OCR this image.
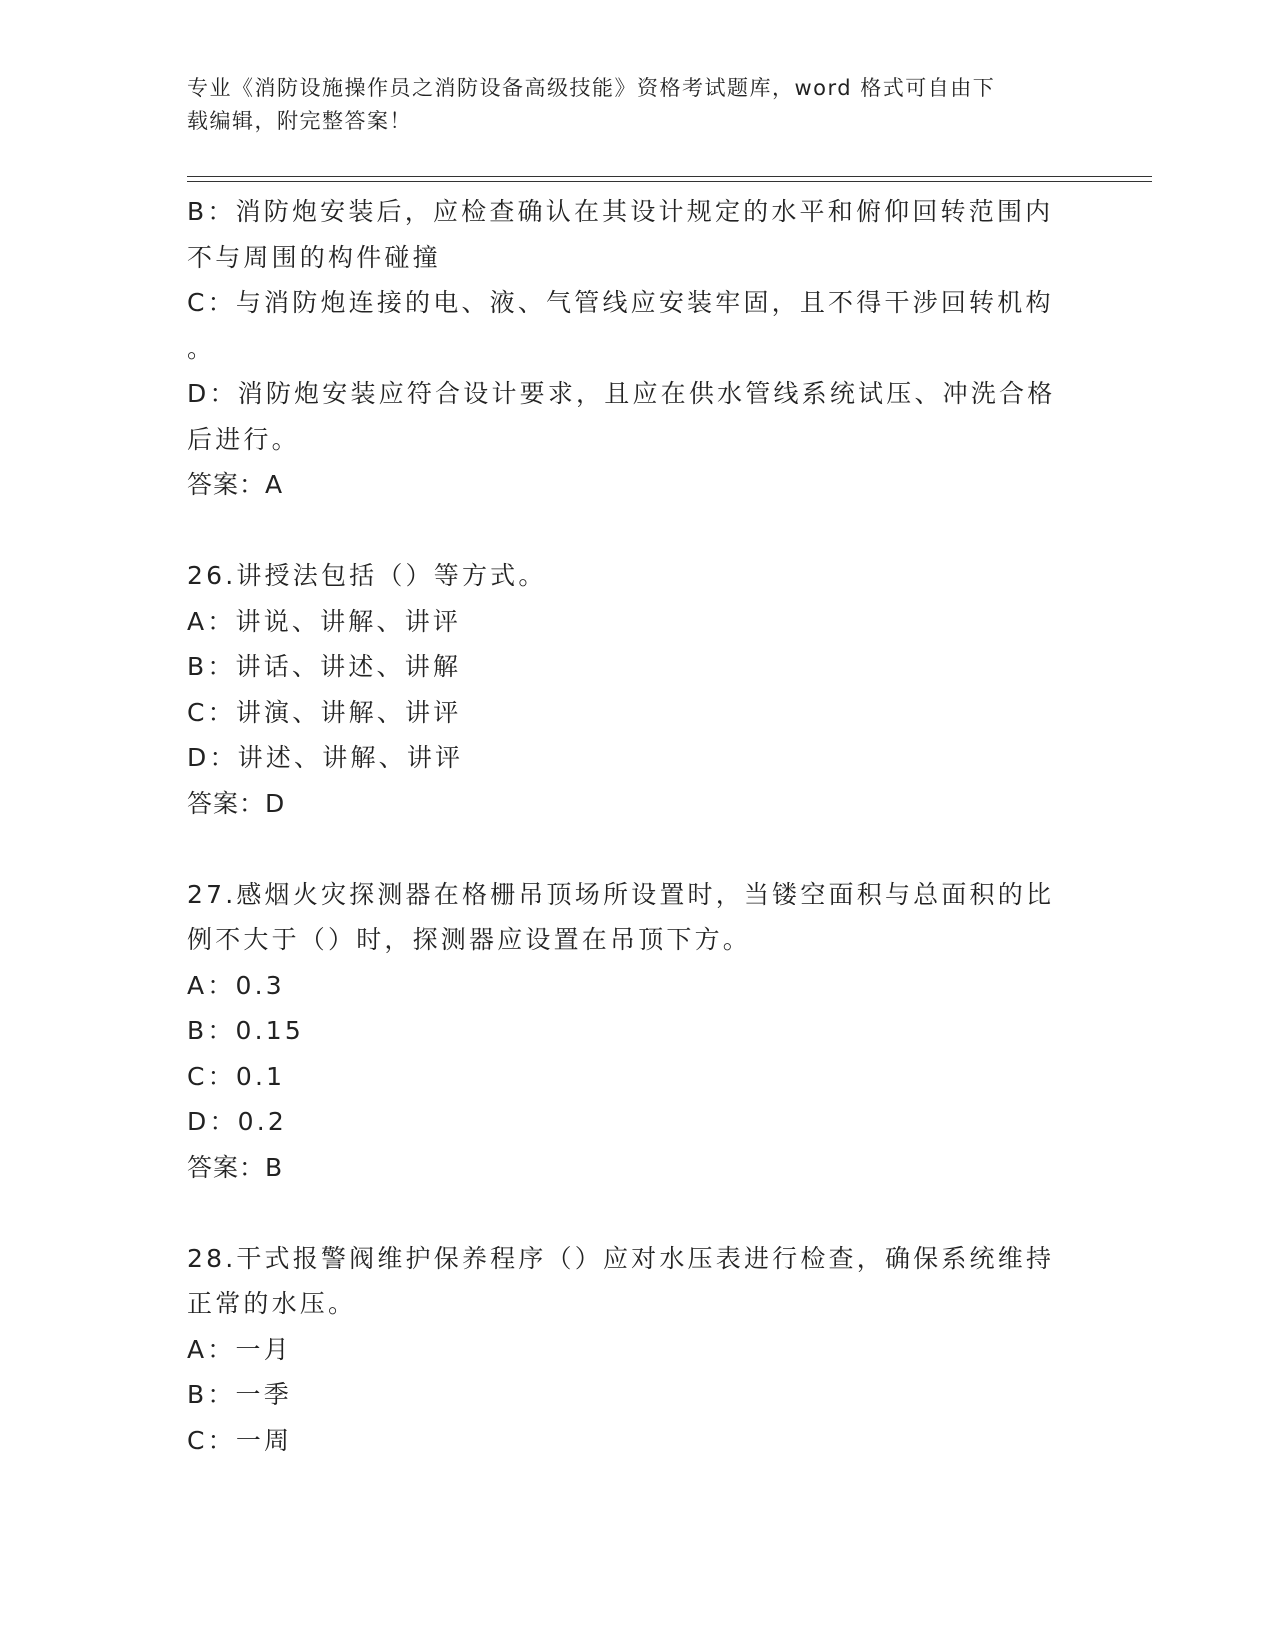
专业《消防设施操作员之消防设备高级技能》资格考试题库，word 格式可自由下
载编辑，附完整答案！
B：消防炮安装后，应检查确认在其设计规定的水平和俯仰回转范围内
不与周围的构件碰撞
C：与消防炮连接的电、液、气管线应安装牢固，且不得干涉回转机构
。
D：消防炮安装应符合设计要求，且应在供水管线系统试压、冲洗合格
后进行。
答案：A
26.讲授法包括（）等方式。
A：讲说、讲解、讲评
B：讲话、讲述、讲解
C：讲演、讲解、讲评
D：讲述、讲解、讲评
答案：D
27.感烟火灾探测器在格栅吊顶场所设置时，当镂空面积与总面积的比
例不大于（）时，探测器应设置在吊顶下方。
A：0.3
B：0.15
C：0.1
D：0.2
答案：B
28.干式报警阀维护保养程序（）应对水压表进行检查，确保系统维持
正常的水压。
A：一月
B：一季
C：一周
